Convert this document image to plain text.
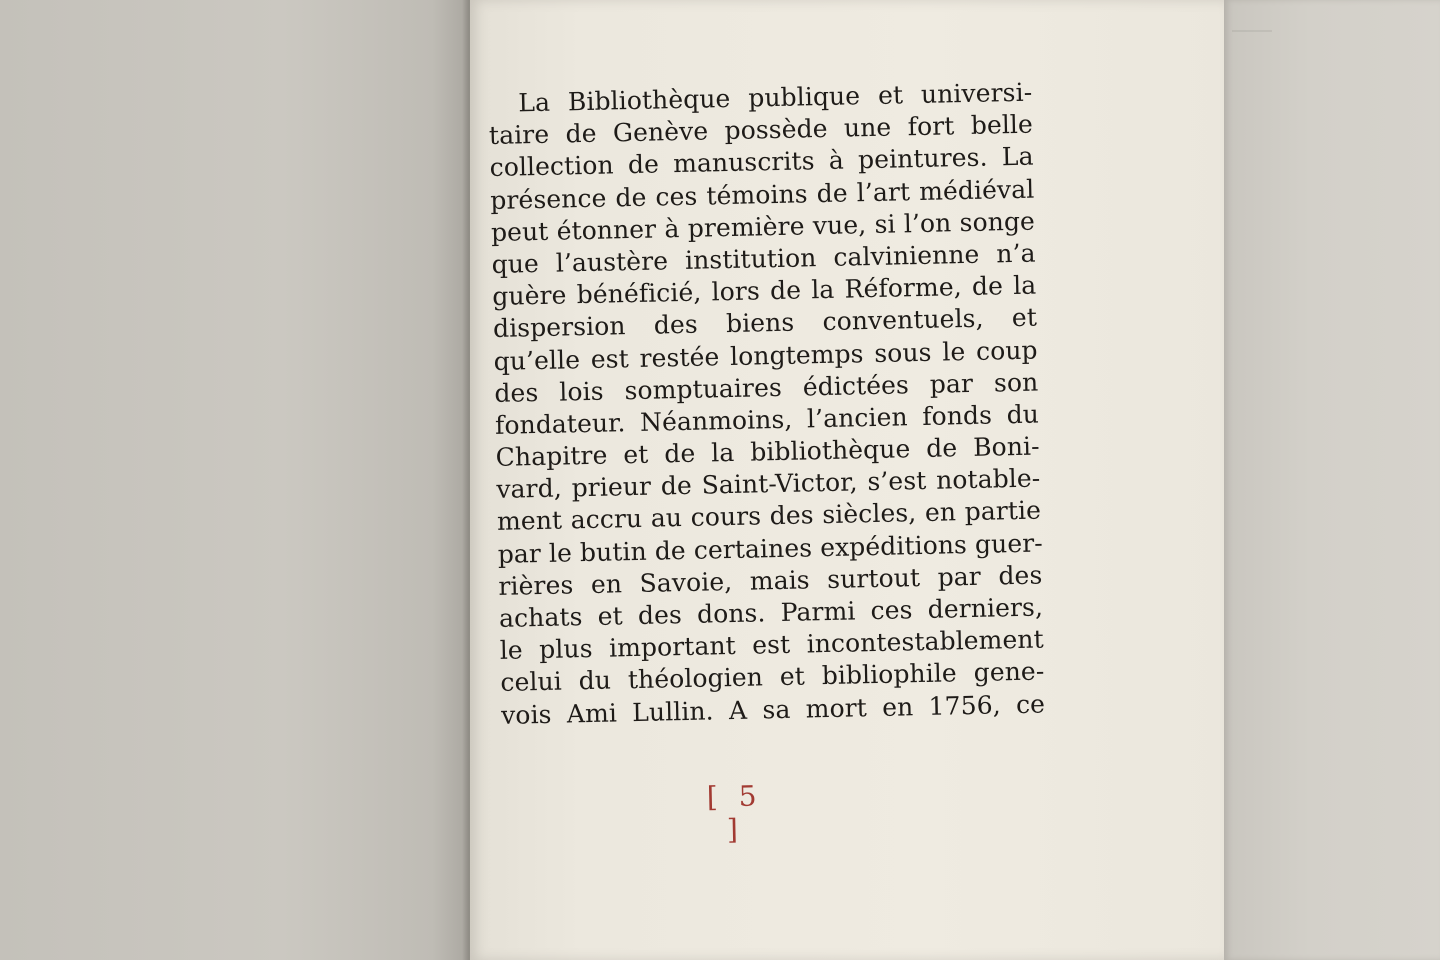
La Bibliothèque publique et universi-
taire de Genève possède une fort belle
collection de manuscrits à peintures. La
présence de ces témoins de l’art médiéval
peut étonner à première vue, si l’on songe
que l’austère institution calvinienne n’a
guère bénéficié, lors de la Réforme, de la
dispersion des biens conventuels, et
qu’elle est restée longtemps sous le coup
des lois somptuaires édictées par son
fondateur. Néanmoins, l’ancien fonds du
Chapitre et de la bibliothèque de Boni-
vard, prieur de Saint-Victor, s’est notable-
ment accru au cours des siècles, en partie
par le butin de certaines expéditions guer-
rières en Savoie, mais surtout par des
achats et des dons. Parmi ces derniers,
le plus important est incontestablement
celui du théologien et bibliophile gene-
vois Ami Lullin. A sa mort en 1756, ce
[ 5 ]
